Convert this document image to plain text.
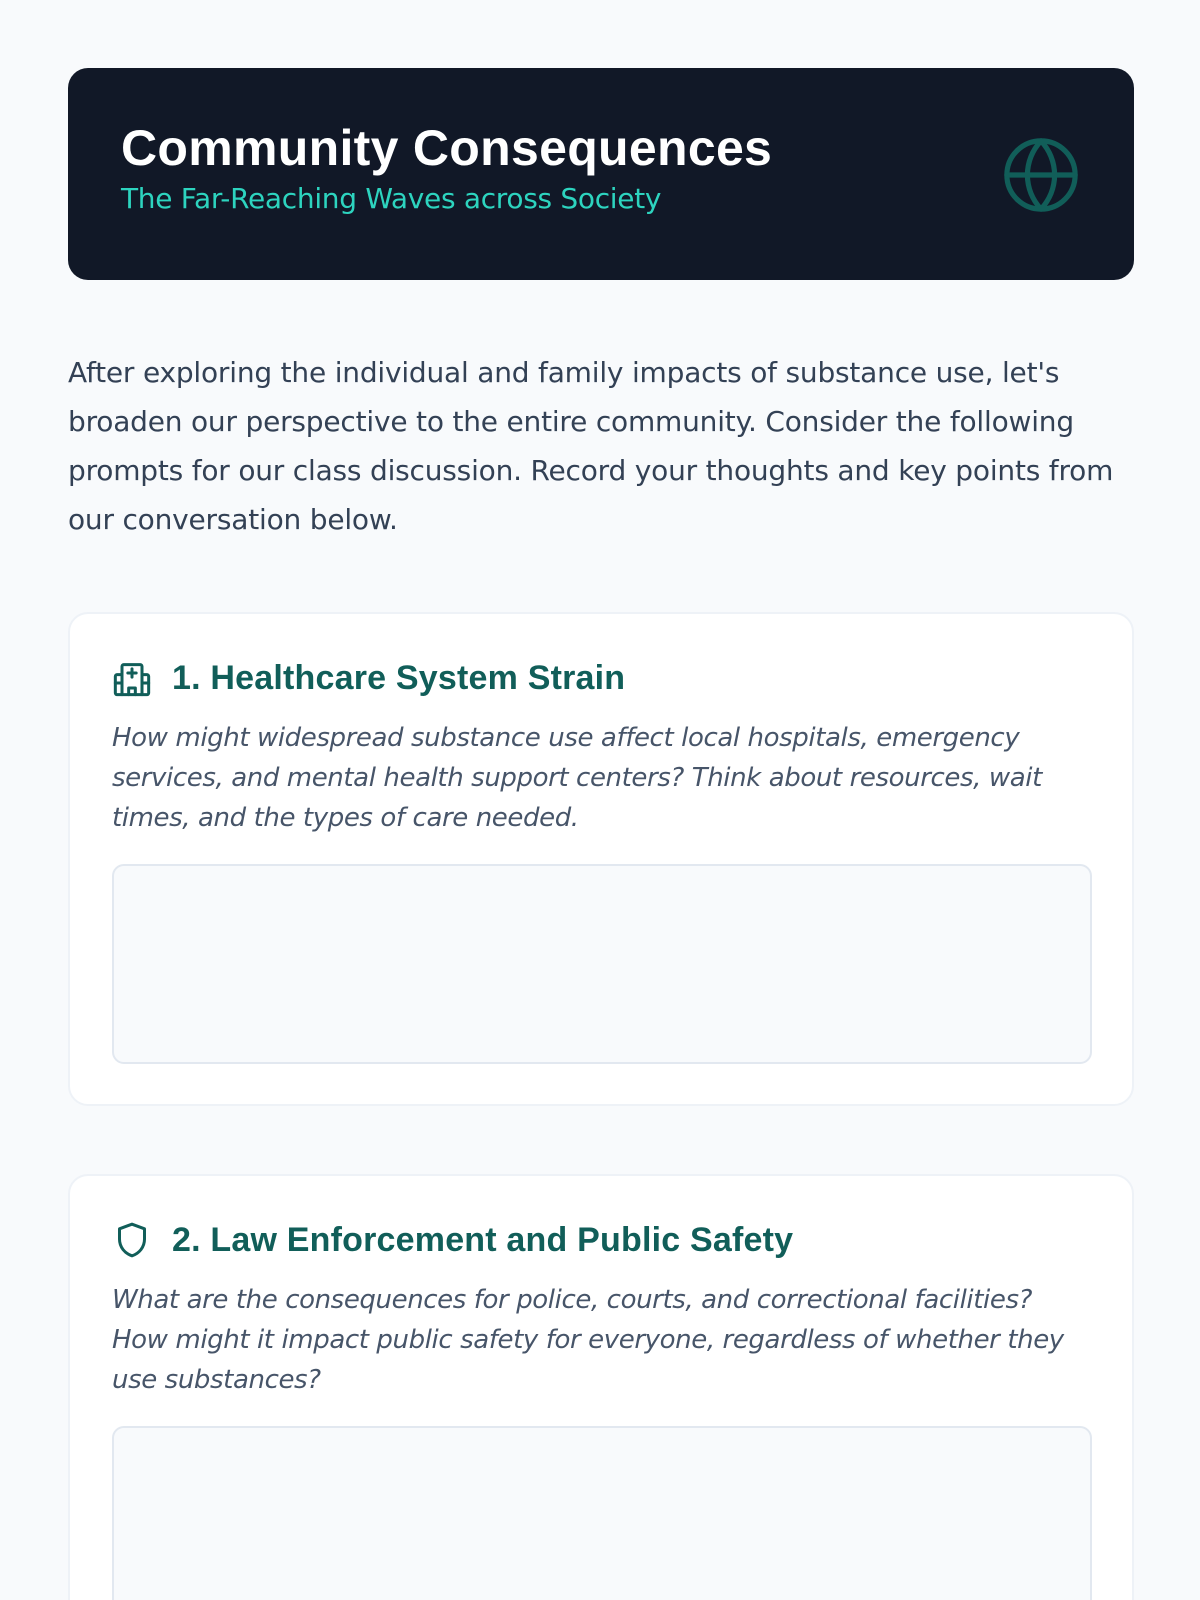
Community Consequences
The Far-Reaching Waves across Society

After exploring the individual and family impacts of substance use, let's broaden our perspective to the entire community. Consider the following prompts for our class discussion. Record your thoughts and key points from our conversation below.

1. Healthcare System Strain

How might widespread substance use affect local hospitals, emergency services, and mental health support centers? Think about resources, wait times, and the types of care needed.

2. Law Enforcement and Public Safety

What are the consequences for police, courts, and correctional facilities? How might it impact public safety for everyone, regardless of whether they use substances?
